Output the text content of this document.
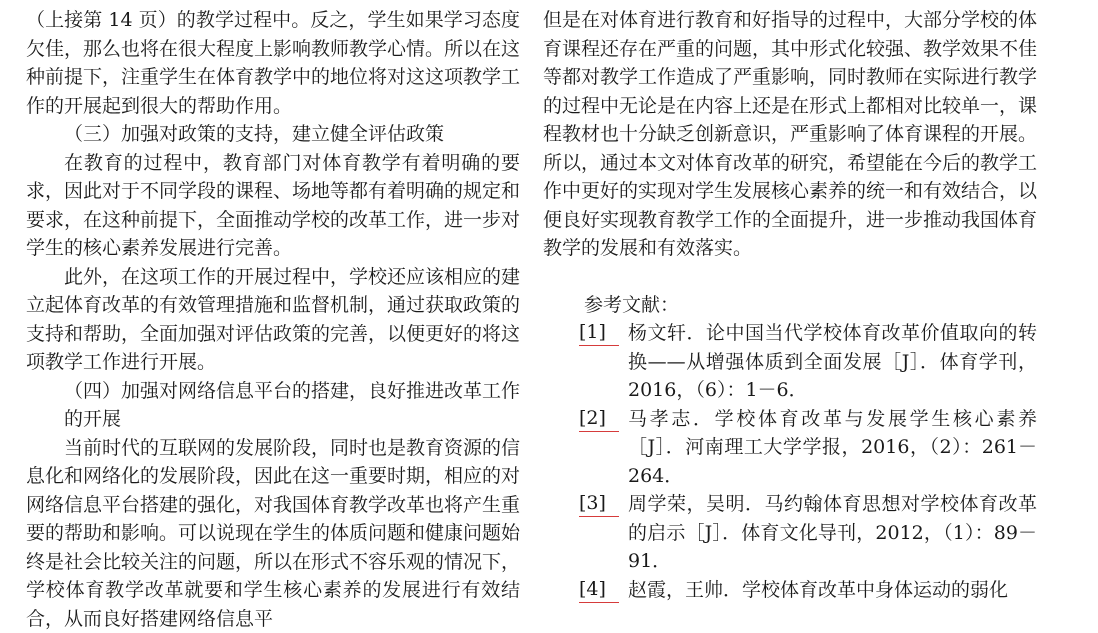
（上接第 14 页）的教学过程中。反之，学生如果学习态度欠佳，那么也将在很大程度上影响教师教学心情。所以在这种前提下，注重学生在体育教学中的地位将对这这项教学工作的开展起到很大的帮助作用。

（三）加强对政策的支持，建立健全评估政策

在教育的过程中，教育部门对体育教学有着明确的要求，因此对于不同学段的课程、场地等都有着明确的规定和要求，在这种前提下，全面推动学校的改革工作，进一步对学生的核心素养发展进行完善。

此外，在这项工作的开展过程中，学校还应该相应的建立起体育改革的有效管理措施和监督机制，通过获取政策的支持和帮助，全面加强对评估政策的完善，以便更好的将这项教学工作进行开展。

（四）加强对网络信息平台的搭建，良好推进改革工作的开展

当前时代的互联网的发展阶段，同时也是教育资源的信息化和网络化的发展阶段，因此在这一重要时期，相应的对网络信息平台搭建的强化，对我国体育教学改革也将产生重要的帮助和影响。可以说现在学生的体质问题和健康问题始终是社会比较关注的问题，所以在形式不容乐观的情况下，学校体育教学改革就要和学生核心素养的发展进行有效结合，从而良好搭建网络信息平

但是在对体育进行教育和好指导的过程中，大部分学校的体育课程还存在严重的问题，其中形式化较强、教学效果不佳等都对教学工作造成了严重影响，同时教师在实际进行教学的过程中无论是在内容上还是在形式上都相对比较单一，课程教材也十分缺乏创新意识，严重影响了体育课程的开展。所以，通过本文对体育改革的研究，希望能在今后的教学工作中更好的实现对学生发展核心素养的统一和有效结合，以便良好实现教育教学工作的全面提升，进一步推动我国体育教学的发展和有效落实。

参考文献：

[1]	杨文轩．论中国当代学校体育改革价值取向的转换——从增强体质到全面发展［J］．体育学刊，2016，（6）：1－6．
[2]	马孝志．学校体育改革与发展学生核心素养［J］．河南理工大学学报，2016，（2）：261－264．
[3]	周学荣，吴明．马约翰体育思想对学校体育改革的启示［J］．体育文化导刊，2012，（1）：89－91．
[4]	赵霞，王帅．学校体育改革中身体运动的弱化
